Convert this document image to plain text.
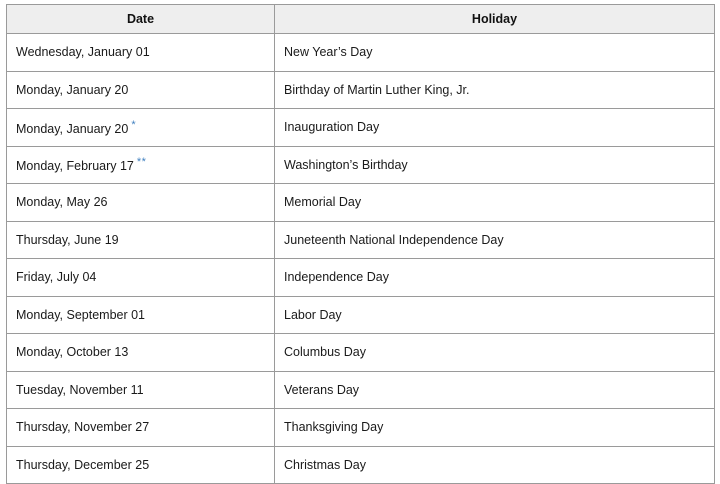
Date	Holiday
Wednesday, January 01	New Year’s Day
Monday, January 20	Birthday of Martin Luther King, Jr.
Monday, January 20 *	Inauguration Day
Monday, February 17 **	Washington’s Birthday
Monday, May 26	Memorial Day
Thursday, June 19	Juneteenth National Independence Day
Friday, July 04	Independence Day
Monday, September 01	Labor Day
Monday, October 13	Columbus Day
Tuesday, November 11	Veterans Day
Thursday, November 27	Thanksgiving Day
Thursday, December 25	Christmas Day
